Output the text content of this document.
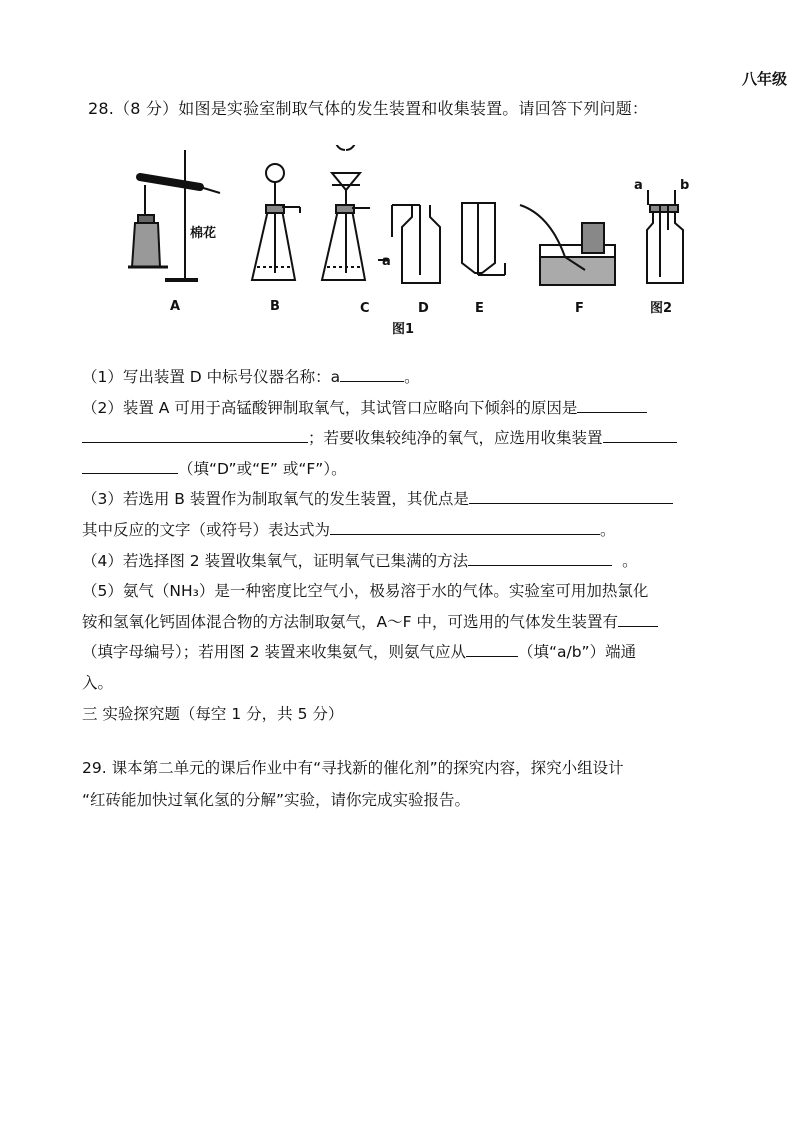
八年级
28.（8 分）如图是实验室制取气体的发生装置和收集装置。请回答下列问题：
棉花
A	B	C	D	E	F
a
a	b
图2
图1
（1）写出装置 D 中标号仪器名称：a	。
（2）装置 A 可用于高锰酸钾制取氧气，其试管口应略向下倾斜的原因是
；若要收集较纯净的氧气，应选用收集装置
（填“D”或“E” 或“F”）。
（3）若选用 B 装置作为制取氧气的发生装置，其优点是
其中反应的文字（或符号）表达式为	。
（4）若选择图 2 装置收集氧气，证明氧气已集满的方法	。
（5）氨气（NH₃）是一种密度比空气小，极易溶于水的气体。实验室可用加热氯化
铵和氢氧化钙固体混合物的方法制取氨气，A～F 中，可选用的气体发生装置有
（填字母编号）；若用图 2 装置来收集氨气，则氨气应从	（填“a/b”）端通
入。
三 实验探究题（每空 1 分，共 5 分）
29. 课本第二单元的课后作业中有“寻找新的催化剂”的探究内容，探究小组设计
“红砖能加快过氧化氢的分解”实验，请你完成实验报告。
